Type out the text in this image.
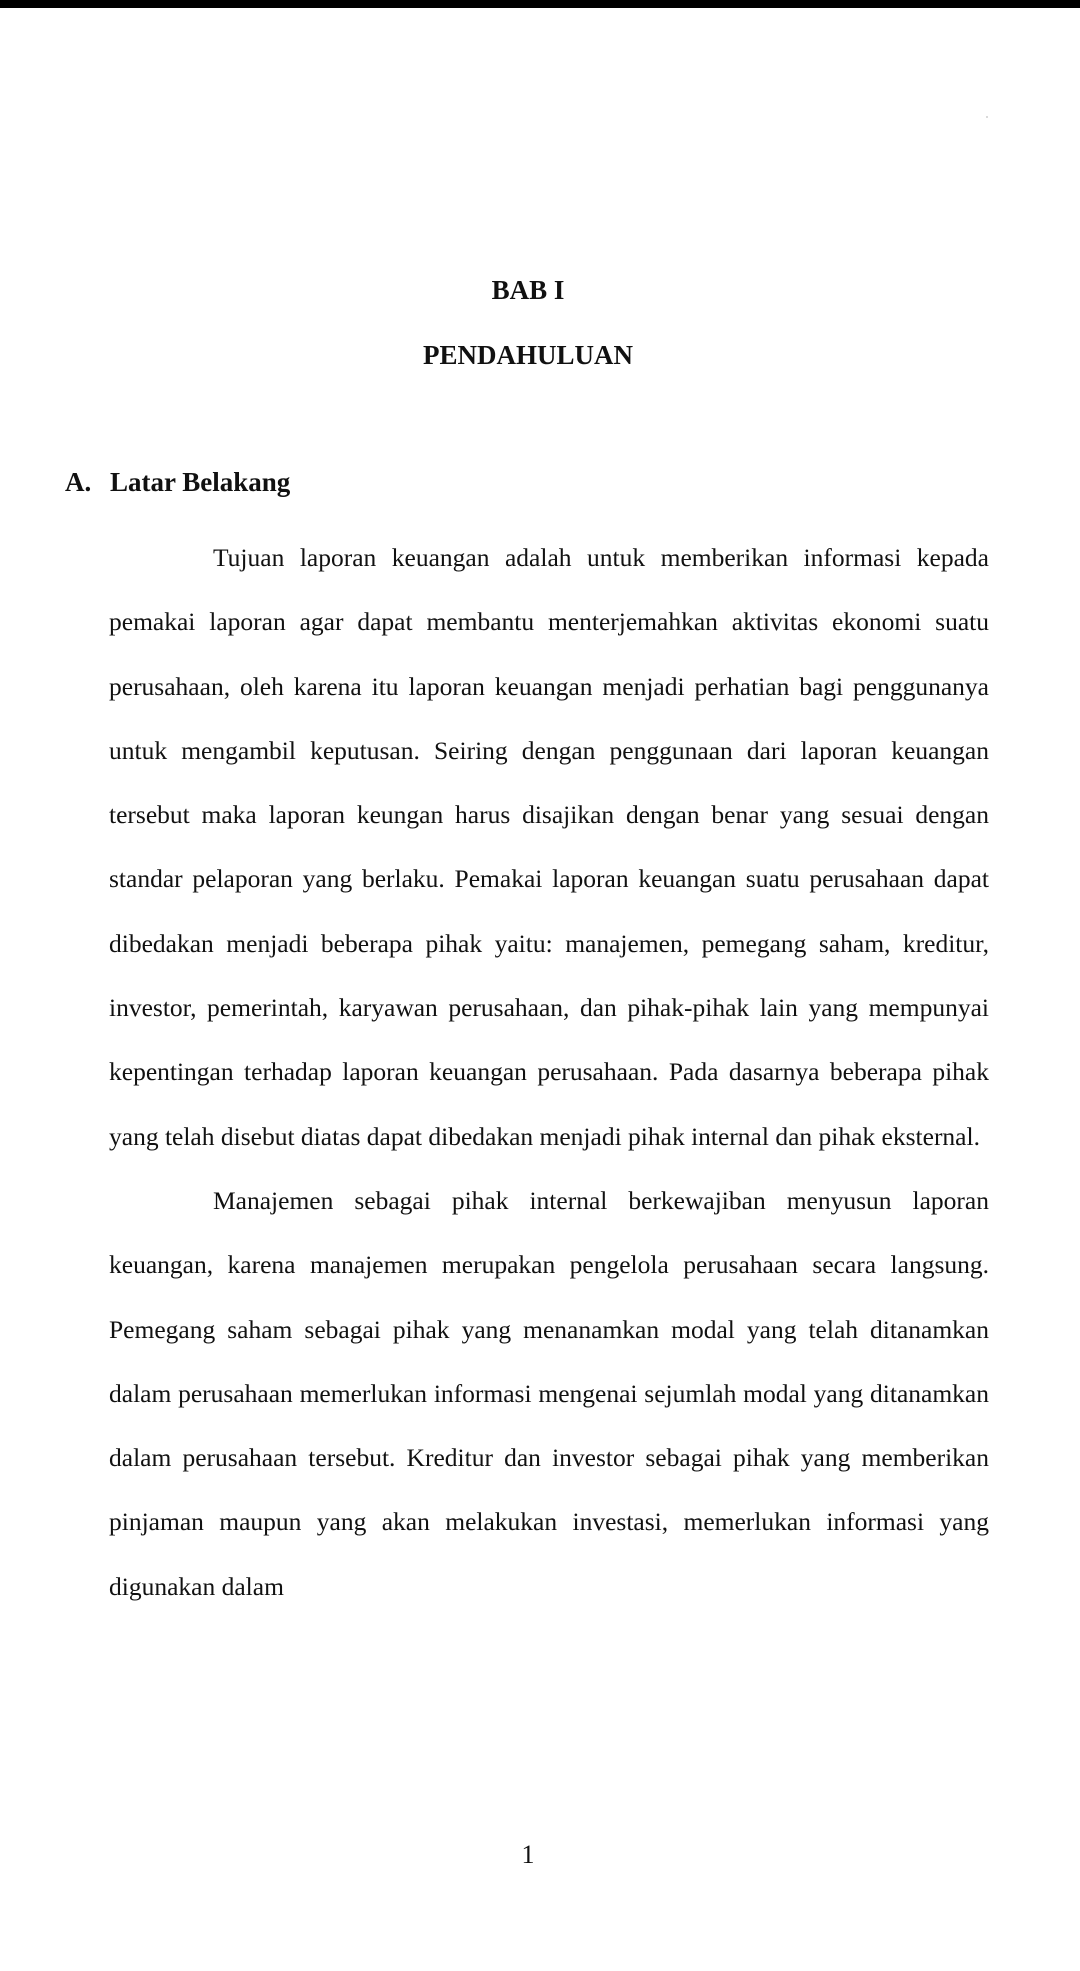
BAB I
PENDAHULUAN
A. Latar Belakang

Tujuan laporan keuangan adalah untuk memberikan informasi kepada pemakai laporan agar dapat membantu menterjemahkan aktivitas ekonomi suatu perusahaan, oleh karena itu laporan keuangan menjadi perhatian bagi penggunanya untuk mengambil keputusan. Seiring dengan penggunaan dari laporan keuangan tersebut maka laporan keungan harus disajikan dengan benar yang sesuai dengan standar pelaporan yang berlaku. Pemakai laporan keuangan suatu perusahaan dapat dibedakan menjadi beberapa pihak yaitu: manajemen, pemegang saham, kreditur, investor, pemerintah, karyawan perusahaan, dan pihak-pihak lain yang mempunyai kepentingan terhadap laporan keuangan perusahaan. Pada dasarnya beberapa pihak yang telah disebut diatas dapat dibedakan menjadi pihak internal dan pihak eksternal.

Manajemen sebagai pihak internal berkewajiban menyusun laporan keuangan, karena manajemen merupakan pengelola perusahaan secara langsung. Pemegang saham sebagai pihak yang menanamkan modal yang telah ditanamkan dalam perusahaan memerlukan informasi mengenai sejumlah modal yang ditanamkan dalam perusahaan tersebut. Kreditur dan investor sebagai pihak yang memberikan pinjaman maupun yang akan melakukan investasi, memerlukan informasi yang digunakan dalam

1
